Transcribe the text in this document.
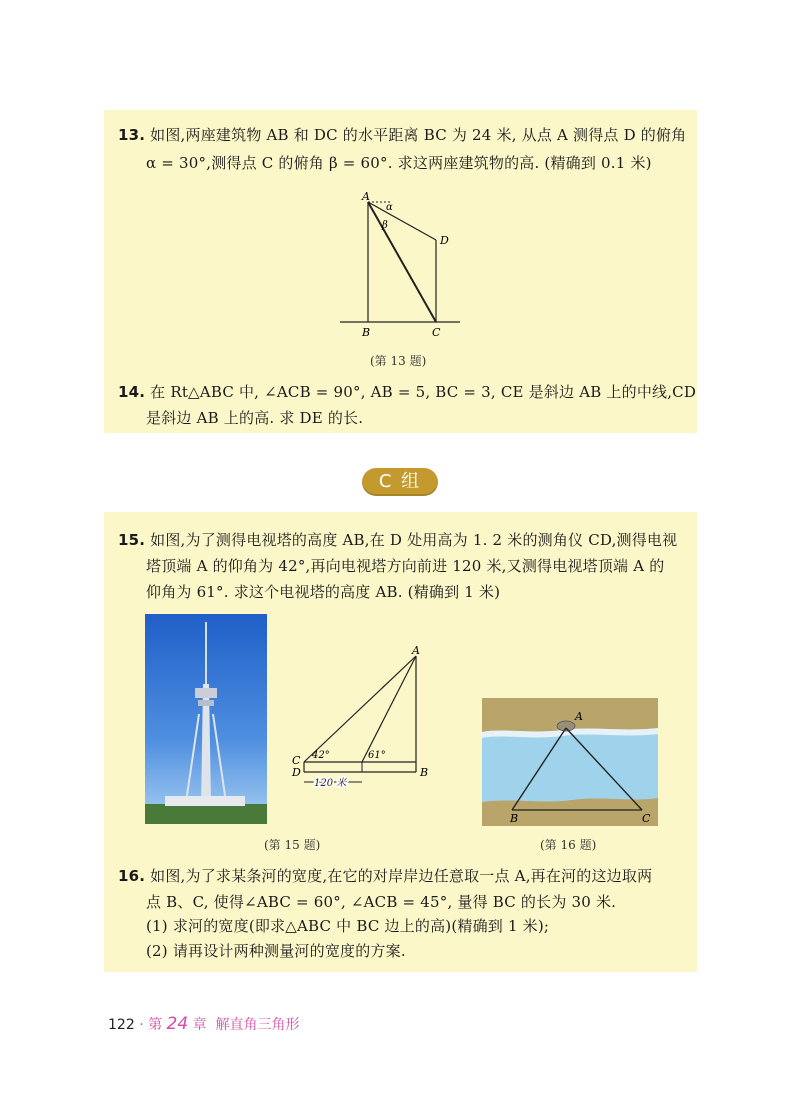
13. 如图,两座建筑物 AB 和 DC 的水平距离 BC 为 24 米, 从点 A 测得点 D 的俯角
α = 30°,测得点 C 的俯角 β = 60°. 求这两座建筑物的高. (精确到 0.1 米)
A
α
β
D
B	C
(第 13 题)
14. 在 Rt△ABC 中, ∠ACB = 90°, AB = 5, BC = 3, CE 是斜边 AB 上的中线,CD
是斜边 AB 上的高. 求 DE 的长.
C 组
15. 如图,为了测得电视塔的高度 AB,在 D 处用高为 1. 2 米的测角仪 CD,测得电视
塔顶端 A 的仰角为 42°,再向电视塔方向前进 120 米,又测得电视塔顶端 A 的
仰角为 61°. 求这个电视塔的高度 AB. (精确到 1 米)
A
C
D	B
42°	61°
120 米
(第 15 题)
A
B	C
(第 16 题)
16. 如图,为了求某条河的宽度,在它的对岸岸边任意取一点 A,再在河的这边取两
点 B、C, 使得∠ABC = 60°, ∠ACB = 45°, 量得 BC 的长为 30 米.
(1) 求河的宽度(即求△ABC 中 BC 边上的高)(精确到 1 米);
(2) 请再设计两种测量河的宽度的方案.
122 · 第 24 章 解直角三角形
